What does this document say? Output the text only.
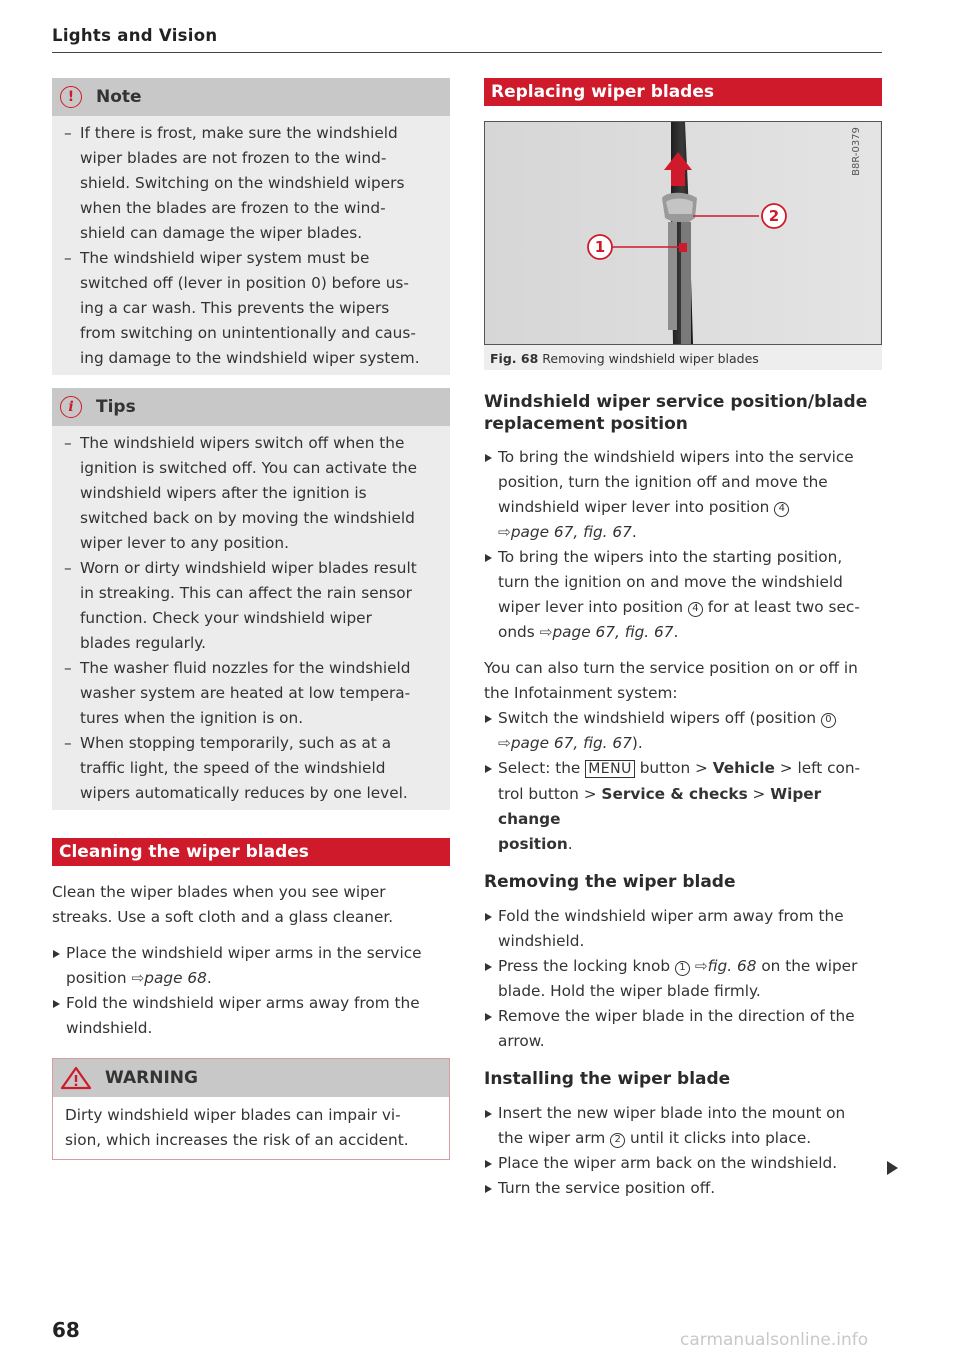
Lights and Vision
!	Note
– If there is frost, make sure the windshield
wiper blades are not frozen to the wind-
shield. Switching on the windshield wipers
when the blades are frozen to the wind-
shield can damage the wiper blades.
– The windshield wiper system must be
switched off (lever in position 0) before us-
ing a car wash. This prevents the wipers
from switching on unintentionally and caus-
ing damage to the windshield wiper system.
i	Tips
– The windshield wipers switch off when the
ignition is switched off. You can activate the
windshield wipers after the ignition is
switched back on by moving the windshield
wiper lever to any position.
– Worn or dirty windshield wiper blades result
in streaking. This can affect the rain sensor
function. Check your windshield wiper
blades regularly.
– The washer fluid nozzles for the windshield
washer system are heated at low tempera-
tures when the ignition is on.
– When stopping temporarily, such as at a
traffic light, the speed of the windshield
wipers automatically reduces by one level.
Cleaning the wiper blades
Clean the wiper blades when you see wiper
streaks. Use a soft cloth and a glass cleaner.
Place the windshield wiper arms in the service
position ⇨page 68.
Fold the windshield wiper arms away from the
windshield.
WARNING
Dirty windshield wiper blades can impair vi-
sion, which increases the risk of an accident.
Replacing wiper blades
1
2
B8R-0379
Fig. 68 Removing windshield wiper blades
Windshield wiper service position/blade
replacement position
To bring the windshield wipers into the service
position, turn the ignition off and move the
windshield wiper lever into position 4
⇨page 67, fig. 67.
To bring the wipers into the starting position,
turn the ignition on and move the windshield
wiper lever into position 4 for at least two sec-
onds ⇨page 67, fig. 67.
You can also turn the service position on or off in
the Infotainment system:
Switch the windshield wipers off (position 0
⇨page 67, fig. 67).
Select: the MENU button > Vehicle > left con-
trol button > Service & checks > Wiper change
position.
Removing the wiper blade
Fold the windshield wiper arm away from the
windshield.
Press the locking knob 1 ⇨fig. 68 on the wiper
blade. Hold the wiper blade firmly.
Remove the wiper blade in the direction of the
arrow.
Installing the wiper blade
Insert the new wiper blade into the mount on
the wiper arm 2 until it clicks into place.
Place the wiper arm back on the windshield.
Turn the service position off.
68	carmanualsonline.info
